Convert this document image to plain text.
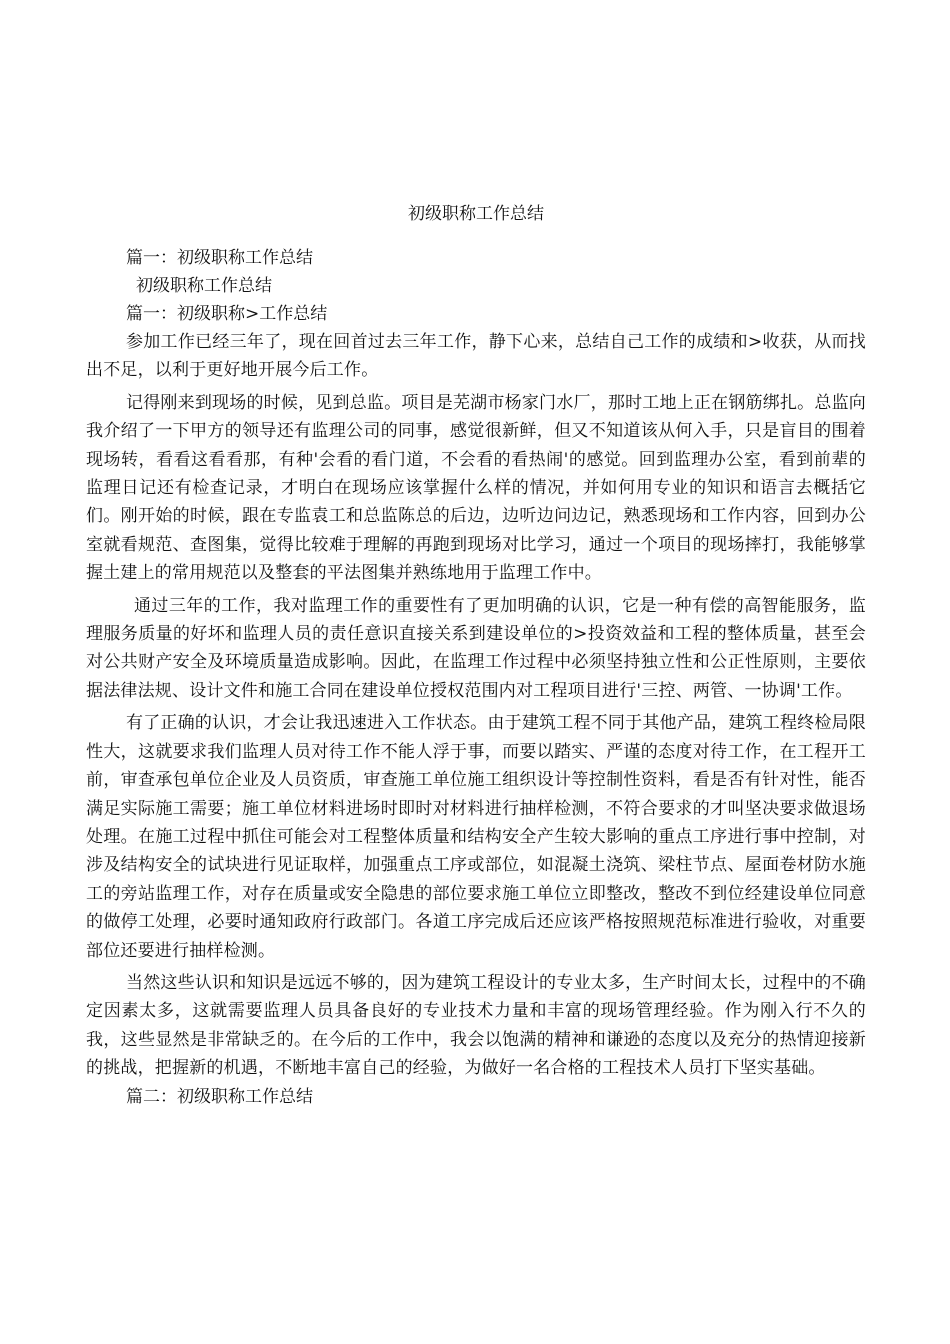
初级职称工作总结

篇一：初级职称工作总结

初级职称工作总结

篇一：初级职称>工作总结

参加工作已经三年了，现在回首过去三年工作，静下心来，总结自己工作的成绩和>收获，从而找出不足，以利于更好地开展今后工作。

记得刚来到现场的时候，见到总监。项目是芜湖市杨家门水厂，那时工地上正在钢筋绑扎。总监向我介绍了一下甲方的领导还有监理公司的同事，感觉很新鲜，但又不知道该从何入手，只是盲目的围着现场转，看看这看看那，有种'会看的看门道，不会看的看热闹'的感觉。回到监理办公室，看到前辈的监理日记还有检查记录，才明白在现场应该掌握什么样的情况，并如何用专业的知识和语言去概括它们。刚开始的时候，跟在专监袁工和总监陈总的后边，边听边问边记，熟悉现场和工作内容，回到办公室就看规范、查图集，觉得比较难于理解的再跑到现场对比学习，通过一个项目的现场摔打，我能够掌握土建上的常用规范以及整套的平法图集并熟练地用于监理工作中。

通过三年的工作，我对监理工作的重要性有了更加明确的认识，它是一种有偿的高智能服务，监理服务质量的好坏和监理人员的责任意识直接关系到建设单位的>投资效益和工程的整体质量，甚至会对公共财产安全及环境质量造成影响。因此，在监理工作过程中必须坚持独立性和公正性原则，主要依据法律法规、设计文件和施工合同在建设单位授权范围内对工程项目进行'三控、两管、一协调'工作。

有了正确的认识，才会让我迅速进入工作状态。由于建筑工程不同于其他产品，建筑工程终检局限性大，这就要求我们监理人员对待工作不能人浮于事，而要以踏实、严谨的态度对待工作，在工程开工前，审查承包单位企业及人员资质，审查施工单位施工组织设计等控制性资料，看是否有针对性，能否满足实际施工需要；施工单位材料进场时即时对材料进行抽样检测，不符合要求的才叫坚决要求做退场处理。在施工过程中抓住可能会对工程整体质量和结构安全产生较大影响的重点工序进行事中控制，对涉及结构安全的试块进行见证取样，加强重点工序或部位，如混凝土浇筑、梁柱节点、屋面卷材防水施工的旁站监理工作，对存在质量或安全隐患的部位要求施工单位立即整改，整改不到位经建设单位同意的做停工处理，必要时通知政府行政部门。各道工序完成后还应该严格按照规范标准进行验收，对重要部位还要进行抽样检测。

当然这些认识和知识是远远不够的，因为建筑工程设计的专业太多，生产时间太长，过程中的不确定因素太多，这就需要监理人员具备良好的专业技术力量和丰富的现场管理经验。作为刚入行不久的我，这些显然是非常缺乏的。在今后的工作中，我会以饱满的精神和谦逊的态度以及充分的热情迎接新的挑战，把握新的机遇，不断地丰富自己的经验，为做好一名合格的工程技术人员打下坚实基础。

篇二：初级职称工作总结
